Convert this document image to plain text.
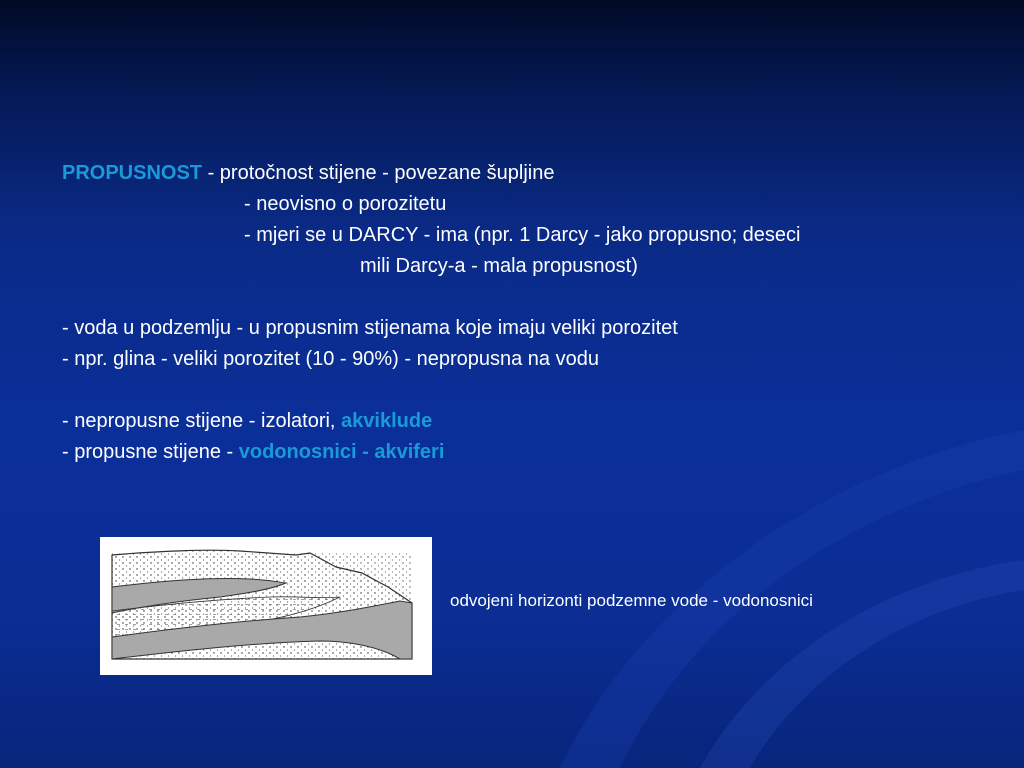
PROPUSNOST - protočnost stijene - povezane šupljine
- neovisno o porozitetu
- mjeri se u DARCY - ima (npr. 1 Darcy - jako propusno; deseci
mili Darcy-a - mala propusnost)
- voda u podzemlju - u propusnim stijenama koje imaju veliki porozitet
- npr. glina - veliki porozitet (10 - 90%) - nepropusna na vodu
- nepropusne stijene - izolatori, akviklude
- propusne stijene - vodonosnici - akviferi
odvojeni horizonti podzemne vode - vodonosnici
